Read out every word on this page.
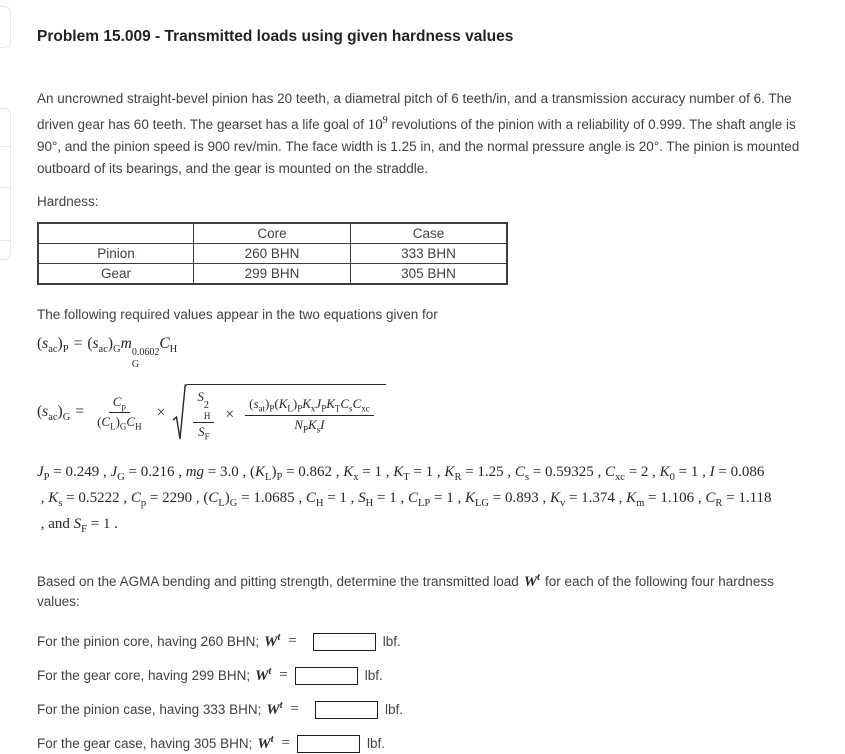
Problem 15.009 - Transmitted loads using given hardness values

An uncrowned straight-bevel pinion has 20 teeth, a diametral pitch of 6 teeth/in, and a transmission accuracy number of 6. The driven gear has 60 teeth. The gearset has a life goal of $10^9$ revolutions of the pinion with a reliability of 0.999. The shaft angle is 90°, and the pinion speed is 900 rev/min. The face width is 1.25 in, and the normal pressure angle is 20°. The pinion is mounted outboard of its bearings, and the gear is mounted on the straddle.

Hardness:
	Core	Case
Pinion	260 BHN	333 BHN
Gear	299 BHN	305 BHN
The following required values appear in the two equations given for
$(s_{ac})_P = (s_{ac})_Gm$
0.0602
G
$C_H$
$(s_{ac})_G = \frac{C_p}{(C_L)_GC_H} \times S$
2
H
$S_F \times \frac{(s_{at})_P(K_L)_PK_xJ_PK_TC_sC_{xc}}{N_PK_sI}$
$J_P = 0.249$ , $J_G = 0.216$ , mg = 3.0 , $(K_L)_P = 0.862$ , $K_x = 1$ , $K_T = 1$ , $K_R = 1.25$ , $C_s = 0.59325$ , $C_{xc} = 2$ , $K_0 = 1$ , I = 0.086 , $K_s = 0.5222$ , $C_p = 2290$ , $(C_L)_G = 1.0685$ , $C_H = 1$ , $S_H = 1$ , $C_{LP} = 1$ , $K_{LG} = 0.893$ , $K_v = 1.374$ , $K_m = 1.106$ , $C_R = 1.118$ , and $S_F = 1$ .

Based on the AGMA bending and pitting strength, determine the transmitted load $W^t$ for each of the following four hardness values:

For the pinion core, having 260 BHN; $W^t$ =	lbf.
For the gear core, having 299 BHN; $W^t$ =	lbf.
For the pinion case, having 333 BHN; $W^t$ =	lbf.
For the gear case, having 305 BHN; $W^t$ =	lbf.
